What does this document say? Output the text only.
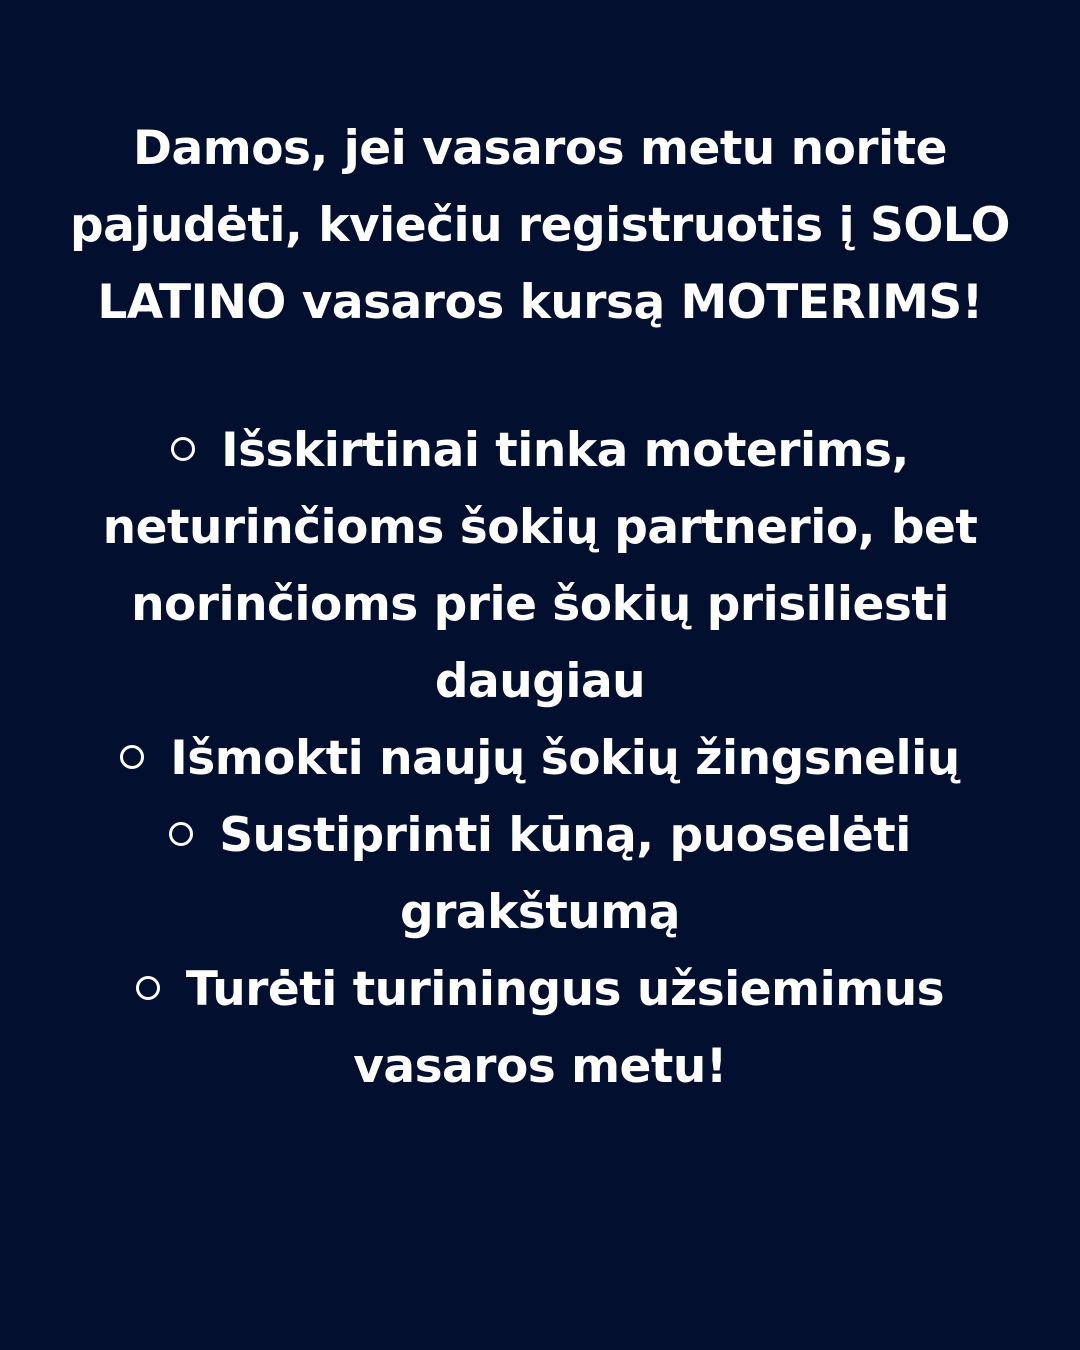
Damos, jei vasaros metu norite pajudėti, kviečiu registruotis į SOLO LATINO vasaros kursą MOTERIMS!
Išskirtinai tinka moterims, neturinčioms šokių partnerio, bet norinčioms prie šokių prisiliesti daugiau
Išmokti naujų šokių žingsnelių
Sustiprinti kūną, puoselėti grakštumą
Turėti turiningus užsiemimus vasaros metu!
